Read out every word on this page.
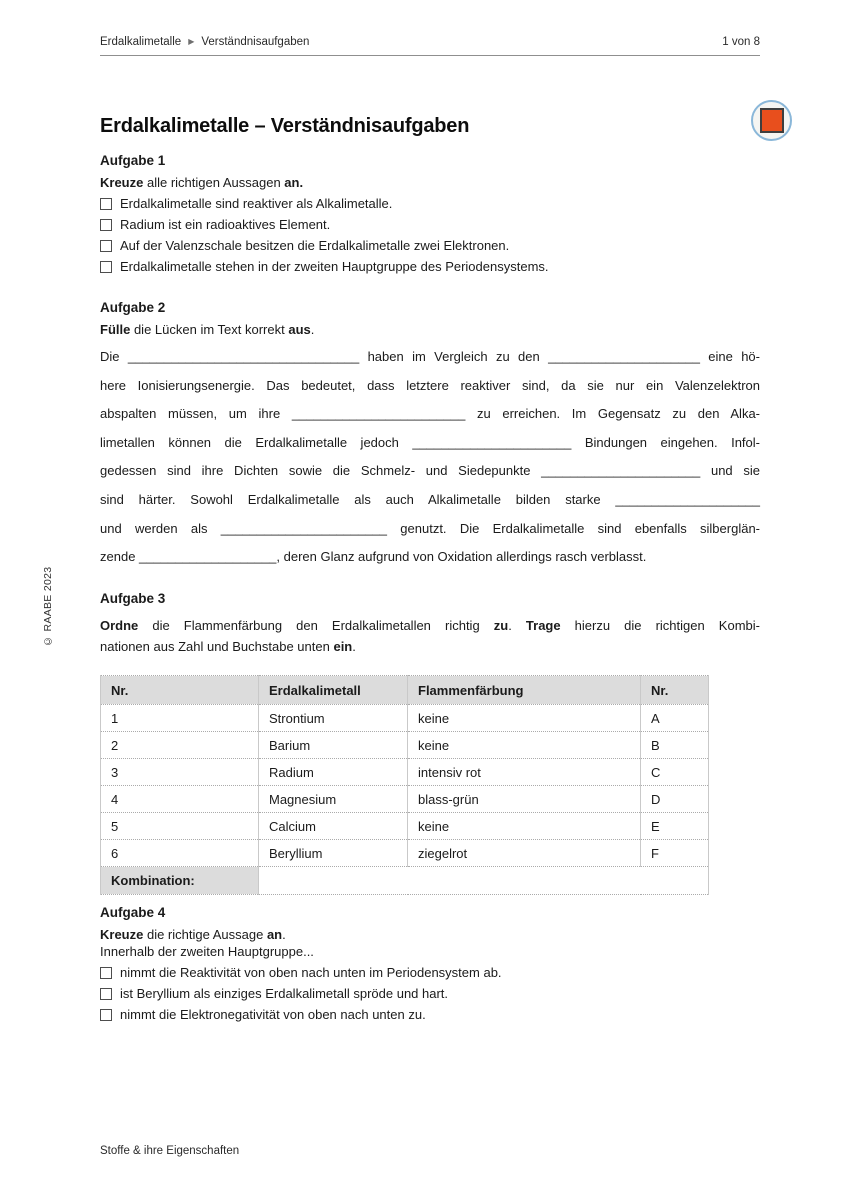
Erdalkalimetalle ▶ Verständnisaufgaben	1 von 8
Erdalkalimetalle – Verständnisaufgaben
Aufgabe 1
Kreuze alle richtigen Aussagen an.
Erdalkalimetalle sind reaktiver als Alkalimetalle.
Radium ist ein radioaktives Element.
Auf der Valenzschale besitzen die Erdalkalimetalle zwei Elektronen.
Erdalkalimetalle stehen in der zweiten Hauptgruppe des Periodensystems.
Aufgabe 2
Fülle die Lücken im Text korrekt aus.
Die ________________________________ haben im Vergleich zu den _____________________ eine hö-
here Ionisierungsenergie. Das bedeutet, dass letztere reaktiver sind, da sie nur ein Valenzelektron
abspalten müssen, um ihre ________________________ zu erreichen. Im Gegensatz zu den Alka-
limetallen können die Erdalkalimetalle jedoch ______________________ Bindungen eingehen. Infol-
gedessen sind ihre Dichten sowie die Schmelz- und Siedepunkte ______________________ und sie
sind härter. Sowohl Erdalkalimetalle als auch Alkalimetalle bilden starke ____________________
und werden als _______________________ genutzt. Die Erdalkalimetalle sind ebenfalls silberglän-
zende ___________________, deren Glanz aufgrund von Oxidation allerdings rasch verblasst.
Aufgabe 3
Ordne die Flammenfärbung den Erdalkalimetallen richtig zu. Trage hierzu die richtigen Kombi-
nationen aus Zahl und Buchstabe unten ein.
Nr.	Erdalkalimetall	Flammenfärbung	Nr.
1	Strontium	keine	A
2	Barium	keine	B
3	Radium	intensiv rot	C
4	Magnesium	blass-grün	D
5	Calcium	keine	E
6	Beryllium	ziegelrot	F
Kombination:			
Aufgabe 4
Kreuze die richtige Aussage an.
Innerhalb der zweiten Hauptgruppe...
nimmt die Reaktivität von oben nach unten im Periodensystem ab.
ist Beryllium als einziges Erdalkalimetall spröde und hart.
nimmt die Elektronegativität von oben nach unten zu.
Stoffe & ihre Eigenschaften
© RAABE 2023
